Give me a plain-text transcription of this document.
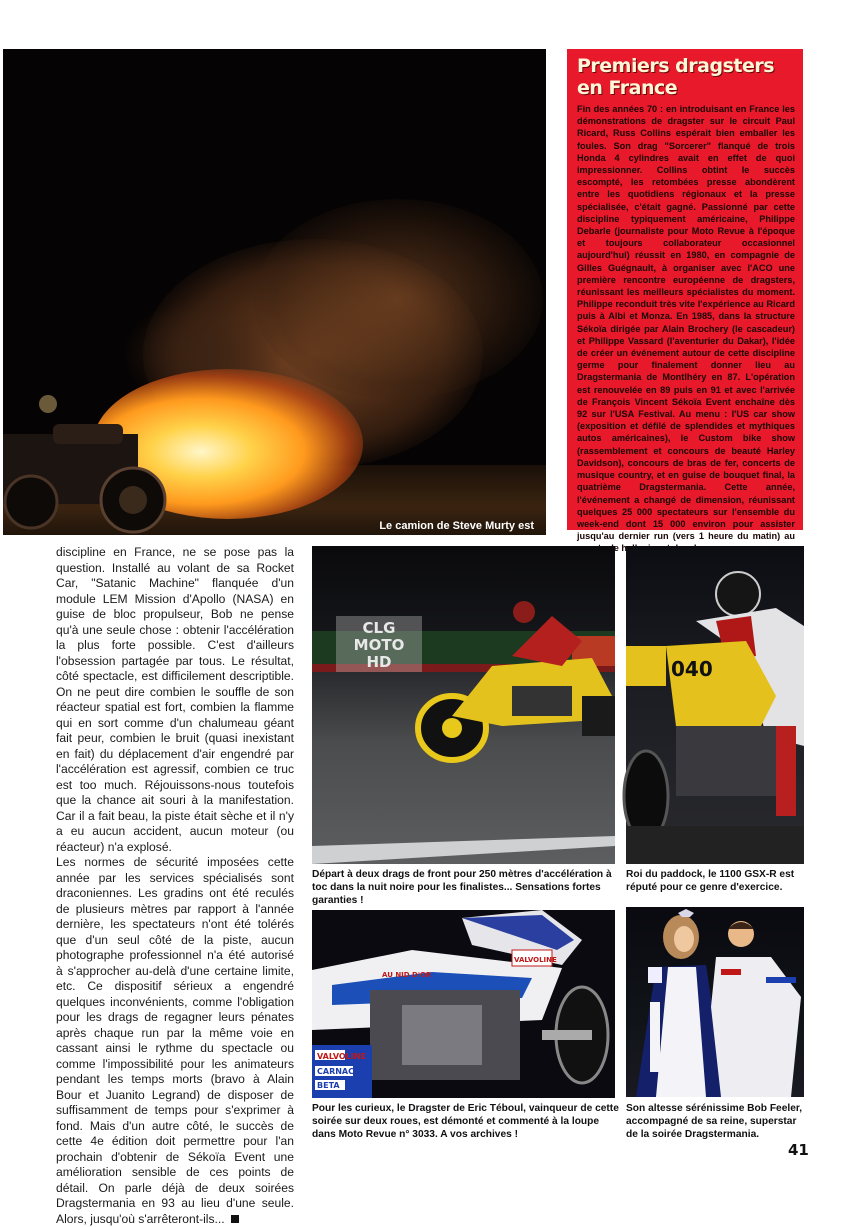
Le camion de Steve Murty est
propulsé par un réacteur Rolls-

Premiers dragsters en France

Fin des années 70 : en introduisant en France les démonstrations de dragster sur le circuit Paul Ricard, Russ Collins espérait bien emballer les foules. Son drag "Sorcerer" flanqué de trois Honda 4 cylindres avait en effet de quoi impressionner. Collins obtint le succès escompté, les retombées presse abondèrent entre les quotidiens régionaux et la presse spécialisée, c'était gagné. Passionné par cette discipline typiquement américaine, Philippe Debarle (journaliste pour Moto Revue à l'époque et toujours collaborateur occasionnel aujourd'hui) réussit en 1980, en compagnie de Gilles Guégnault, à organiser avec l'ACO une première rencontre européenne de dragsters, réunissant les meilleurs spécialistes du moment. Philippe reconduit très vite l'expérience au Ricard puis à Albi et Monza. En 1985, dans la structure Sékoïa dirigée par Alain Brochery (le cascadeur) et Philippe Vassard (l'aventurier du Dakar), l'idée de créer un événement autour de cette discipline germe pour finalement donner lieu au Dragstermania de Montlhéry en 87. L'opération est renouvelée en 89 puis en 91 et avec l'arrivée de François Vincent Sékoïa Event enchaîne dès 92 sur l'USA Festival. Au menu : l'US car show (exposition et défilé de splendides et mythiques autos américaines), le Custom bike show (rassemblement et concours de beauté Harley Davidson), concours de bras de fer, concerts de musique country, et en guise de bouquet final, la quatrième Dragstermania. Cette année, l'événement a changé de dimension, réunissant quelques 25 000 spectateurs sur l'ensemble du week-end dont 15 000 environ pour assister jusqu'au dernier run (vers 1 heure du matin) au

discipline en France, ne se pose pas la question. Installé au volant de sa Rocket Car, "Satanic Machine" flanquée d'un module LEM Mission d'Apollo (NASA) en guise de bloc propulseur, Bob ne pense qu'à une seule chose : obtenir l'accélération la plus forte possible. C'est d'ailleurs l'obsession partagée par tous. Le résultat, côté spectacle, est difficilement descriptible. On ne peut dire combien le souffle de son réacteur spatial est fort, combien la flamme qui en sort comme d'un chalumeau géant fait peur, combien le bruit (quasi inexistant en fait) du déplacement d'air engendré par l'accélération est agressif, combien ce truc est too much. Réjouissons-nous toutefois que la chance ait souri à la manifestation. Car il a fait beau, la piste était sèche et il n'y a eu aucun accident, aucun moteur (ou réacteur) n'a explosé.

Les normes de sécurité imposées cette année par les services spécialisés sont draconiennes. Les gradins ont été reculés de plusieurs mètres par rapport à l'année dernière, les spectateurs n'ont été tolérés que d'un seul côté de la piste, aucun photographe professionnel n'a été autorisé à s'approcher au-delà d'une certaine limite, etc. Ce dispositif sérieux a engendré quelques inconvénients, comme l'obligation pour les drags de regagner leurs pénates après chaque run par la même voie en cassant ainsi le rythme du spectacle ou comme l'impossibilité pour les animateurs pendant les temps morts (bravo à Alain Bour et Juanito Legrand) de disposer de suffisamment de temps pour s'exprimer à fond. Mais d'un autre côté, le succès de cette 4e édition doit permettre pour l'an prochain d'obtenir de Sékoïa Event une amélioration sensible de ces points de détail. On parle déjà de deux soirées Dragstermania en 93 au lieu d'une seule. Alors, jusqu'où s'arrêteront-ils...

CLG
MOTO
HD
Départ à deux drags de front pour 250 mètres d'accélération à toc dans la nuit noire pour les finalistes... Sensations fortes garanties !
040
Roi du paddock, le 1100 GSX-R est réputé pour ce genre d'exercice.
VALVOLINE
CARNAC
BETA
VALVOLINE
AU NID D'OR
Pour les curieux, le Dragster de Eric Téboul, vainqueur de cette soirée sur deux roues, est démonté et commenté à la loupe dans Moto Revue n° 3033. A vos archives !
Son altesse sérénissime Bob Feeler, accompagné de sa reine, superstar de la soirée Dragstermania.
41
